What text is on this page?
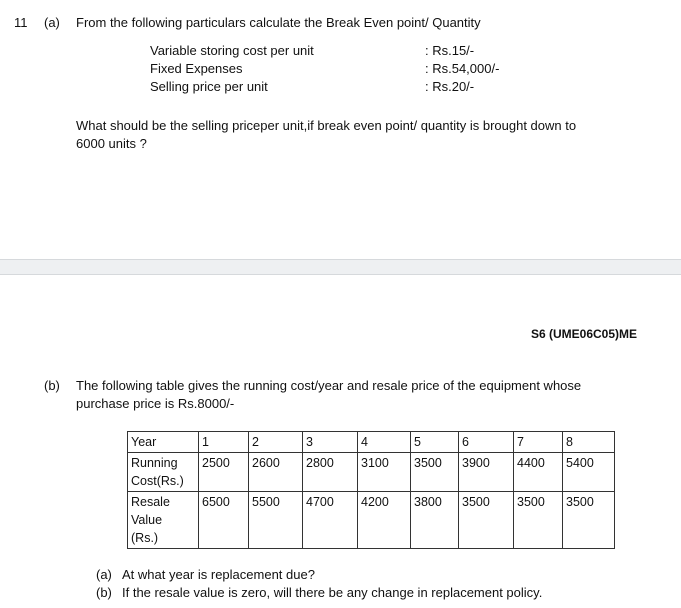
11 (a) From the following particulars calculate the Break Even point/ Quantity
Variable storing cost per unit	: Rs.15/-
Fixed Expenses	: Rs.54,000/-
Selling price per unit	: Rs.20/-
What should be the selling priceper unit,if break even point/ quantity is brought down to
6000 units ?
S6 (UME06C05)ME
(b) The following table gives the running cost/year and resale price of the equipment whose
purchase price is Rs.8000/-
Year	1	2	3	4	5	6	7	8

Running
Cost(Rs.)	2500	2600	2800	3100	3500	3900	4400	5400

Resale
Value
(Rs.)	6500	5500	4700	4200	3800	3500	3500	3500
(a) At what year is replacement due?
(b) If the resale value is zero, will there be any change in replacement policy.
